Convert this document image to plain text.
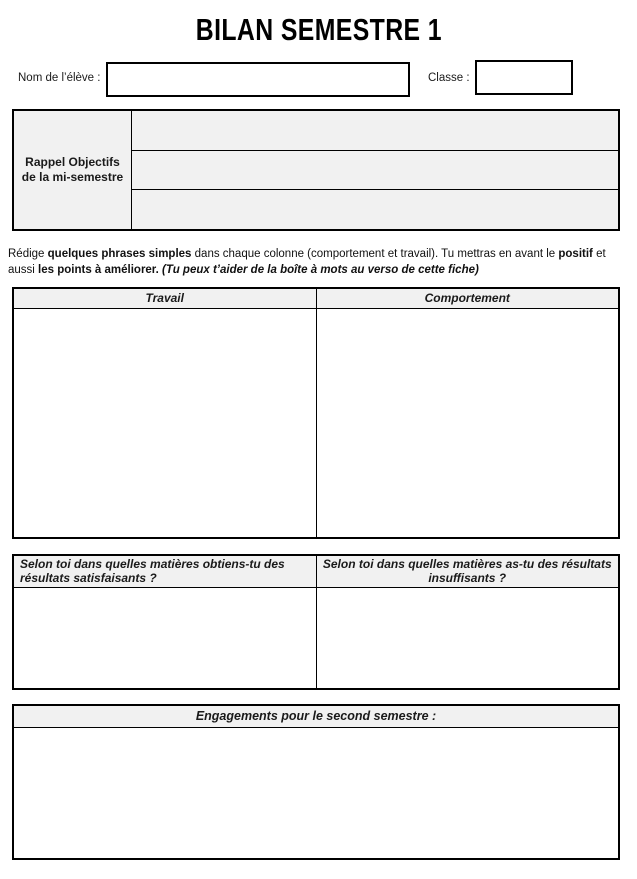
BILAN SEMESTRE 1
Nom de l’élève :	Classe :
Rappel Objectifs
de la mi-semestre

Rédige quelques phrases simples dans chaque colonne (comportement et travail). Tu mettras en avant le positif et
aussi les points à améliorer. (Tu peux t’aider de la boîte à mots au verso de cette fiche)

Travail	Comportement
Selon toi dans quelles matières obtiens-tu des résultats satisfaisants ?
Selon toi dans quelles matières as-tu des résultats insuffisants ?
Engagements pour le second semestre :
